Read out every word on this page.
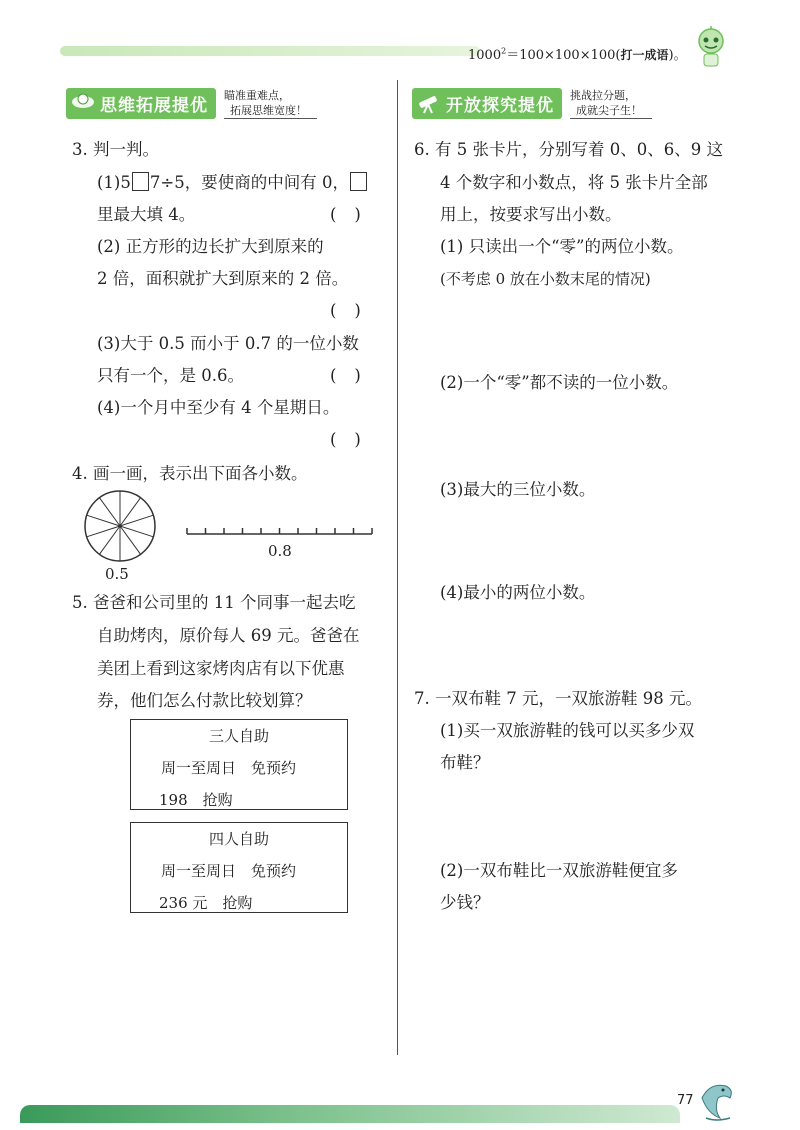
$1000^2=100\times 100\times 100$(打一成语)。
思维拓展提优
瞄准重难点，
拓展思维宽度！
3. 判一判。
(1)5 7÷5，要使商的中间有 0，
里最大填 4。	()
(2) 正方形的边长扩大到原来的
2 倍，面积就扩大到原来的 2 倍。
()
(3)大于 0.5 而小于 0.7 的一位小数
只有一个，是 0.6。	()
(4)一个月中至少有 4 个星期日。
()
4. 画一画，表示出下面各小数。
0.5
0.8
5. 爸爸和公司里的 11 个同事一起去吃
自助烤肉，原价每人 69 元。爸爸在
美团上看到这家烤肉店有以下优惠
券，他们怎么付款比较划算？
三人自助
周一至周日　免预约
198　抢购
四人自助
周一至周日　免预约
236 元　抢购
开放探究提优
挑战拉分题，
成就尖子生！
6. 有 5 张卡片，分别写着 0、0、6、9 这
4 个数字和小数点，将 5 张卡片全部
用上，按要求写出小数。
(1) 只读出一个“零”的两位小数。
(不考虑 0 放在小数末尾的情况)
(2)一个“零”都不读的一位小数。
(3)最大的三位小数。
(4)最小的两位小数。
7. 一双布鞋 7 元，一双旅游鞋 98 元。
(1)买一双旅游鞋的钱可以买多少双
布鞋？
(2)一双布鞋比一双旅游鞋便宜多
少钱？
77
